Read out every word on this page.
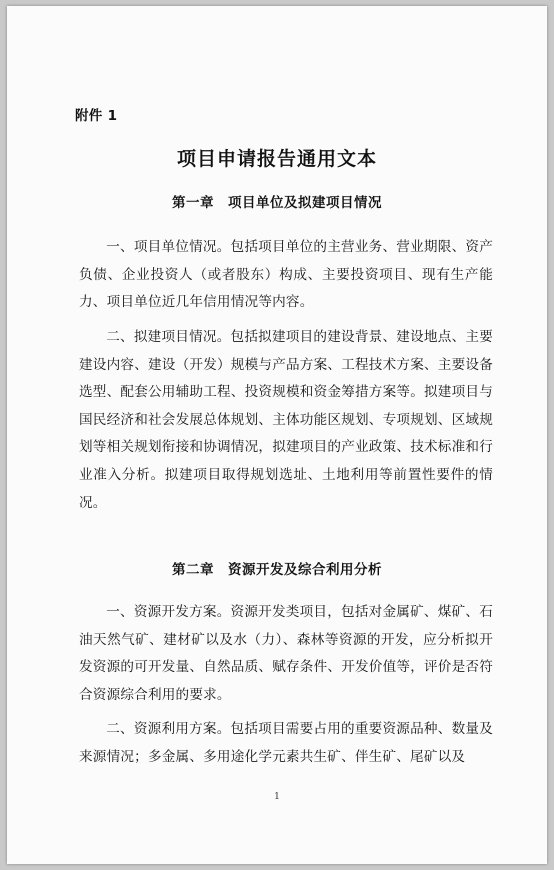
附件 1
项目申请报告通用文本
第一章 项目单位及拟建项目情况

一、项目单位情况。包括项目单位的主营业务、营业期限、资产负债、企业投资人（或者股东）构成、主要投资项目、现有生产能力、项目单位近几年信用情况等内容。

二、拟建项目情况。包括拟建项目的建设背景、建设地点、主要建设内容、建设（开发）规模与产品方案、工程技术方案、主要设备选型、配套公用辅助工程、投资规模和资金筹措方案等。拟建项目与国民经济和社会发展总体规划、主体功能区规划、专项规划、区域规划等相关规划衔接和协调情况，拟建项目的产业政策、技术标准和行业准入分析。拟建项目取得规划选址、土地利用等前置性要件的情况。

第二章 资源开发及综合利用分析

一、资源开发方案。资源开发类项目，包括对金属矿、煤矿、石油天然气矿、建材矿以及水（力）、森林等资源的开发，应分析拟开发资源的可开发量、自然品质、赋存条件、开发价值等，评价是否符合资源综合利用的要求。

二、资源利用方案。包括项目需要占用的重要资源品种、数量及来源情况；多金属、多用途化学元素共生矿、伴生矿、尾矿以及

1
